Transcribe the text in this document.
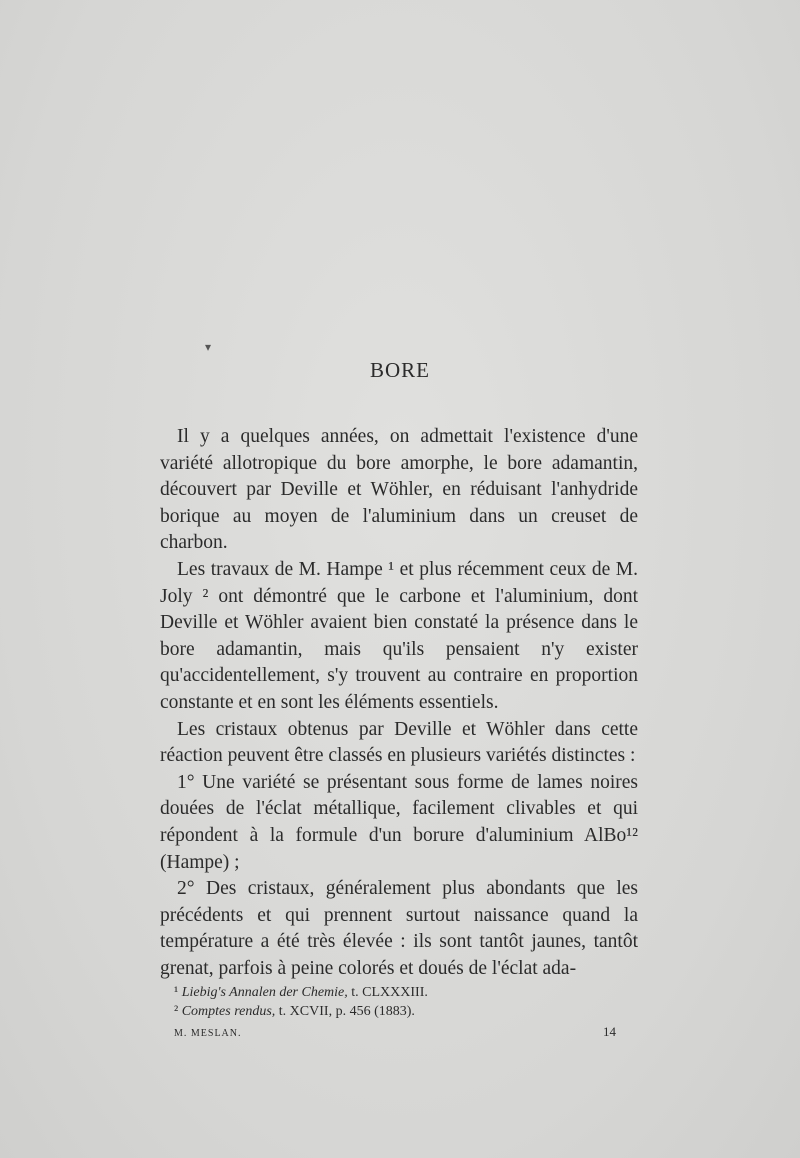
▾
BORE

Il y a quelques années, on admettait l'existence d'une variété allotropique du bore amorphe, le bore adamantin, découvert par Deville et Wöhler, en réduisant l'anhydride borique au moyen de l'aluminium dans un creuset de charbon.

Les travaux de M. Hampe ¹ et plus récemment ceux de M. Joly ² ont démontré que le carbone et l'aluminium, dont Deville et Wöhler avaient bien constaté la présence dans le bore adamantin, mais qu'ils pensaient n'y exister qu'accidentellement, s'y trouvent au contraire en proportion constante et en sont les éléments essentiels.

Les cristaux obtenus par Deville et Wöhler dans cette réaction peuvent être classés en plusieurs variétés distinctes :

1° Une variété se présentant sous forme de lames noires douées de l'éclat métallique, facilement clivables et qui répondent à la formule d'un borure d'aluminium AlBo¹² (Hampe) ;

2° Des cristaux, généralement plus abondants que les précédents et qui prennent surtout naissance quand la température a été très élevée : ils sont tantôt jaunes, tantôt grenat, parfois à peine colorés et doués de l'éclat ada-

¹ Liebig's Annalen der Chemie, t. CLXXXIII.
² Comptes rendus, t. XCVII, p. 456 (1883).
M. MESLAN.	14
